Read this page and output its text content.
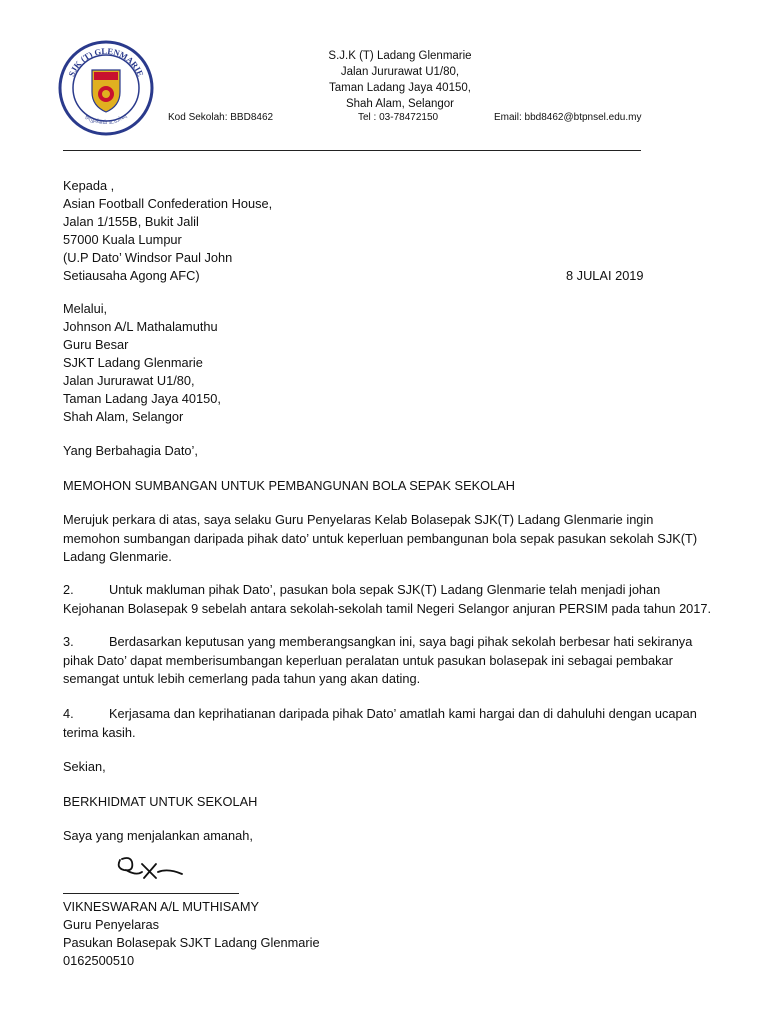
SJK (T) GLENMARIE
ஒழுக்கம் உயர்வு
S.J.K (T) Ladang Glenmarie
Jalan Jururawat U1/80,
Taman Ladang Jaya 40150,
Shah Alam, Selangor
Kod Sekolah: BBD8462	Tel : 03-78472150	Email: bbd8462@btpnsel.edu.my
Kepada ,
Asian Football Confederation House,
Jalan 1/155B, Bukit Jalil
57000 Kuala Lumpur
(U.P Dato’ Windsor Paul John
Setiausaha Agong AFC)	8 JULAI 2019
Melalui,
Johnson A/L Mathalamuthu
Guru Besar
SJKT Ladang Glenmarie
Jalan Jururawat U1/80,
Taman Ladang Jaya 40150,
Shah Alam, Selangor
Yang Berbahagia Dato’,
MEMOHON SUMBANGAN UNTUK PEMBANGUNAN BOLA SEPAK SEKOLAH
Merujuk perkara di atas, saya selaku Guru Penyelaras Kelab Bolasepak SJK(T) Ladang Glenmarie ingin memohon sumbangan daripada pihak dato’ untuk keperluan pembangunan bola sepak pasukan sekolah SJK(T) Ladang Glenmarie.
2.	Untuk makluman pihak Dato’, pasukan bola sepak SJK(T) Ladang Glenmarie telah menjadi johan Kejohanan Bolasepak 9 sebelah antara sekolah-sekolah tamil Negeri Selangor anjuran PERSIM pada tahun 2017.
3.	Berdasarkan keputusan yang memberangsangkan ini, saya bagi pihak sekolah berbesar hati sekiranya pihak Dato’ dapat memberisumbangan keperluan peralatan untuk pasukan bolasepak ini sebagai pembakar semangat untuk lebih cemerlang pada tahun yang akan dating.
4.	Kerjasama dan keprihatianan daripada pihak Dato’ amatlah kami hargai dan di dahuluhi dengan ucapan terima kasih.
Sekian,
BERKHIDMAT UNTUK SEKOLAH
Saya yang menjalankan amanah,
VIKNESWARAN A/L MUTHISAMY
Guru Penyelaras
Pasukan Bolasepak SJKT Ladang Glenmarie
0162500510
